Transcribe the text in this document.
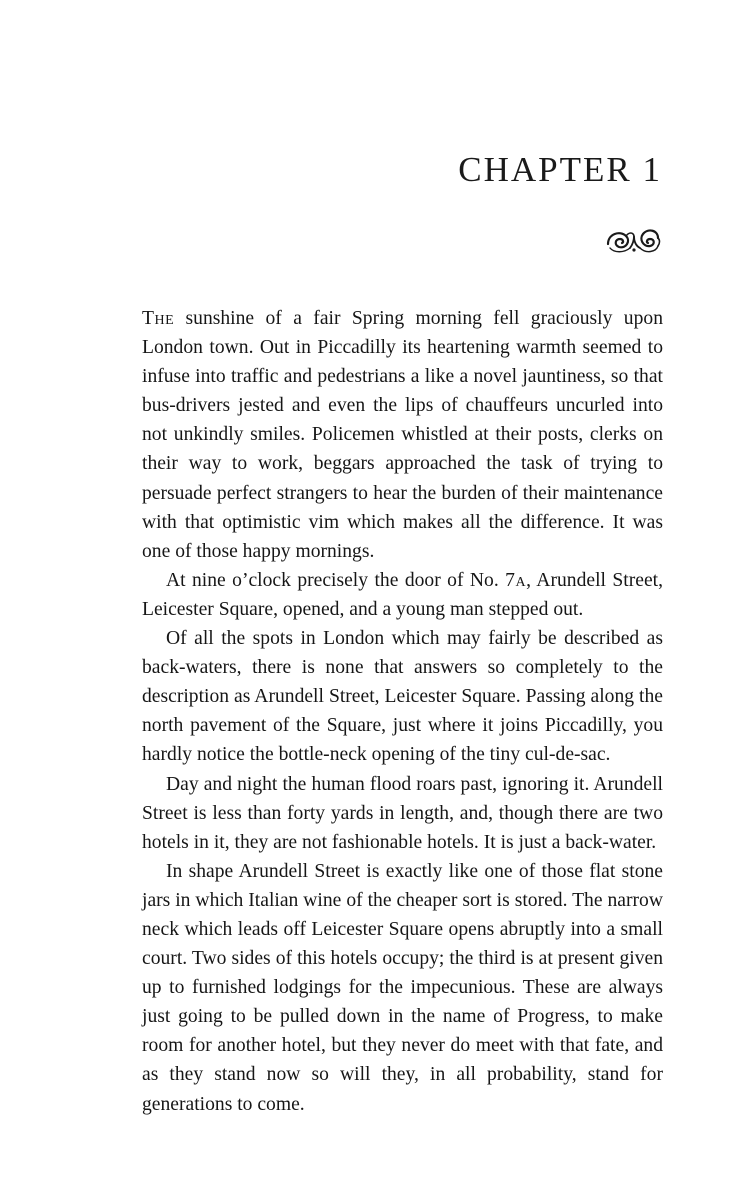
CHAPTER 1

The sunshine of a fair Spring morning fell graciously upon London town. Out in Piccadilly its heartening warmth seemed to infuse into traffic and pedestrians a like a novel jauntiness, so that bus-drivers jested and even the lips of chauffeurs uncurled into not unkindly smiles. Policemen whistled at their posts, clerks on their way to work, beggars approached the task of trying to persuade perfect strangers to hear the burden of their maintenance with that optimistic vim which makes all the difference. It was one of those happy mornings.

At nine o’clock precisely the door of No. 7a, Arundell Street, Leicester Square, opened, and a young man stepped out.

Of all the spots in London which may fairly be described as back-waters, there is none that answers so completely to the description as Arundell Street, Leicester Square. Passing along the north pavement of the Square, just where it joins Piccadilly, you hardly notice the bottle-neck opening of the tiny cul-de-sac.

Day and night the human flood roars past, ignoring it. Arundell Street is less than forty yards in length, and, though there are two hotels in it, they are not fashionable hotels. It is just a back-water.

In shape Arundell Street is exactly like one of those flat stone jars in which Italian wine of the cheaper sort is stored. The narrow neck which leads off Leicester Square opens abruptly into a small court. Two sides of this hotels occupy; the third is at present given up to furnished lodgings for the impecunious. These are always just going to be pulled down in the name of Progress, to make room for another hotel, but they never do meet with that fate, and as they stand now so will they, in all probability, stand for generations to come.
